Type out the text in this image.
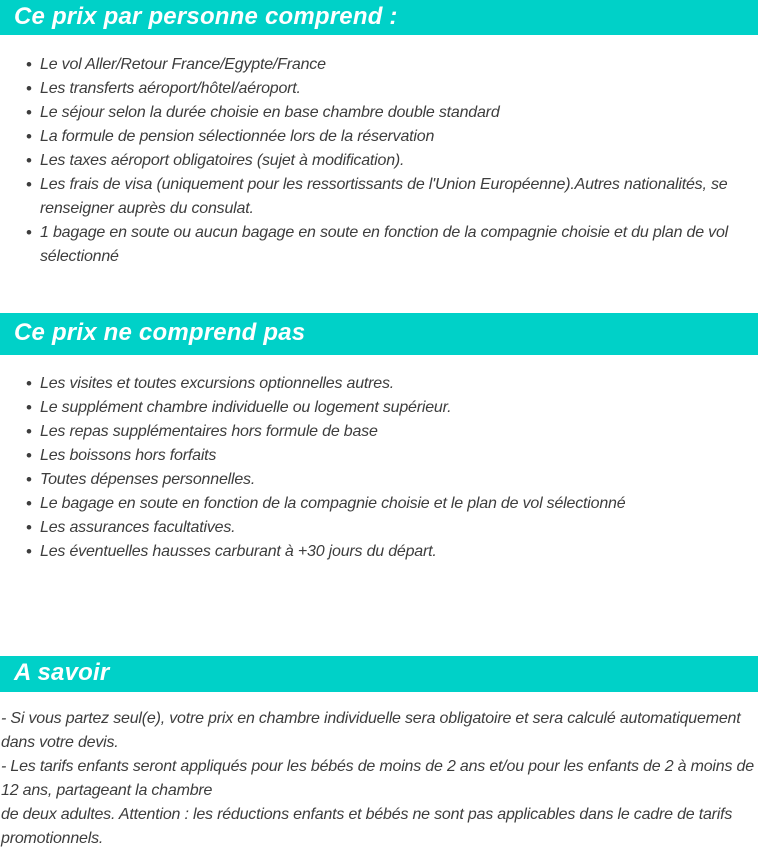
Ce prix par personne comprend :
• Le vol Aller/Retour France/Egypte/France
• Les transferts aéroport/hôtel/aéroport.
• Le séjour selon la durée choisie en base chambre double standard
• La formule de pension sélectionnée lors de la réservation
• Les taxes aéroport obligatoires (sujet à modification).
• Les frais de visa (uniquement pour les ressortissants de l'Union Européenne).Autres nationalités, se renseigner auprès du consulat.
• 1 bagage en soute ou aucun bagage en soute en fonction de la compagnie choisie et du plan de vol sélectionné
Ce prix ne comprend pas
• Les visites et toutes excursions optionnelles autres.
• Le supplément chambre individuelle ou logement supérieur.
• Les repas supplémentaires hors formule de base
• Les boissons hors forfaits
• Toutes dépenses personnelles.
• Le bagage en soute en fonction de la compagnie choisie et le plan de vol sélectionné
• Les assurances facultatives.
• Les éventuelles hausses carburant à +30 jours du départ.
A savoir

- Si vous partez seul(e), votre prix en chambre individuelle sera obligatoire et sera calculé automatiquement dans votre devis.

- Les tarifs enfants seront appliqués pour les bébés de moins de 2 ans et/ou pour les enfants de 2 à moins de 12 ans, partageant la chambre

de deux adultes. Attention : les réductions enfants et bébés ne sont pas applicables dans le cadre de tarifs promotionnels.
